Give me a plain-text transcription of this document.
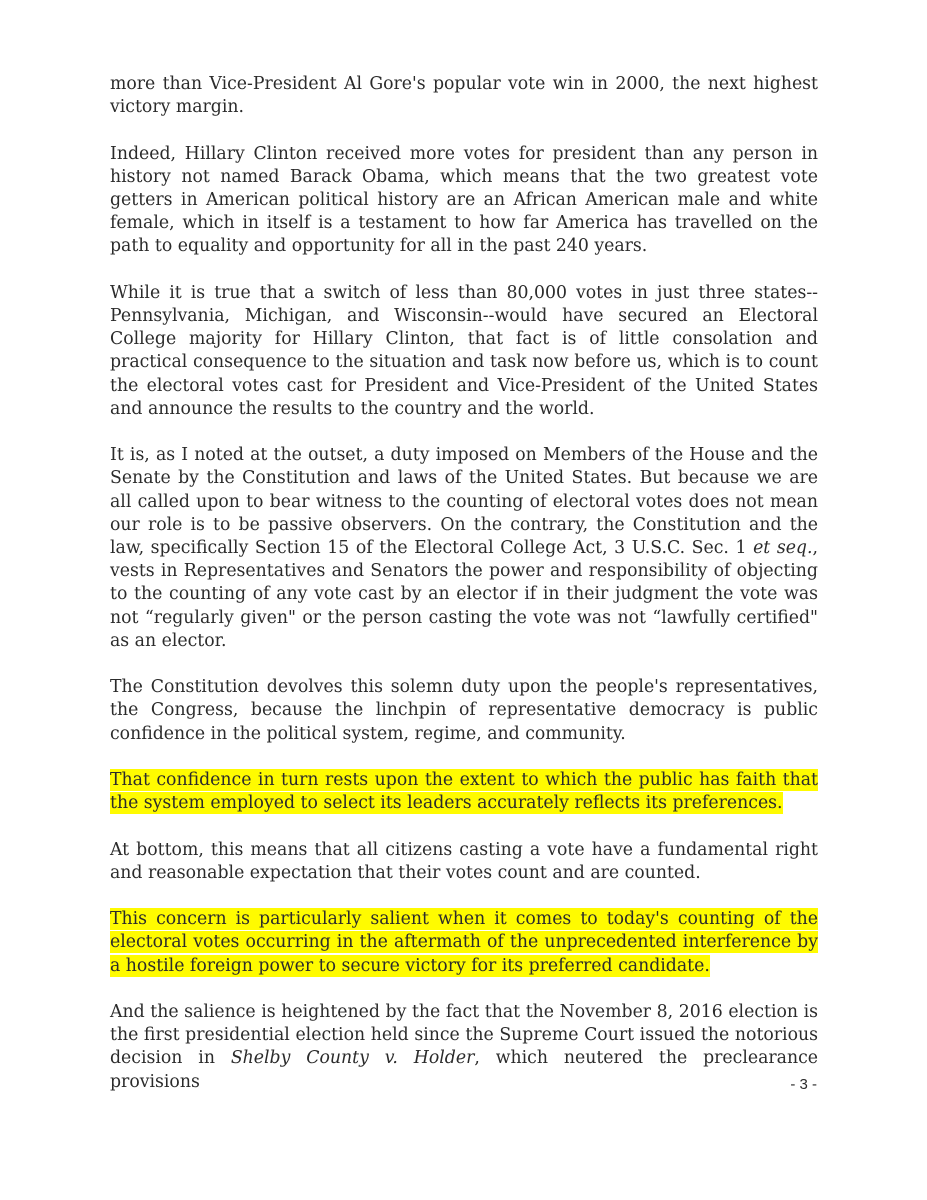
more than Vice-President Al Gore's popular vote win in 2000, the next highest victory margin.

Indeed, Hillary Clinton received more votes for president than any person in history not named Barack Obama, which means that the two greatest vote getters in American political history are an African American male and white female, which in itself is a testament to how far America has travelled on the path to equality and opportunity for all in the past 240 years.

While it is true that a switch of less than 80,000 votes in just three states--Pennsylvania, Michigan, and Wisconsin--would have secured an Electoral College majority for Hillary Clinton, that fact is of little consolation and practical consequence to the situation and task now before us, which is to count the electoral votes cast for President and Vice-President of the United States and announce the results to the country and the world.

It is, as I noted at the outset, a duty imposed on Members of the House and the Senate by the Constitution and laws of the United States. But because we are all called upon to bear witness to the counting of electoral votes does not mean our role is to be passive observers. On the contrary, the Constitution and the law, specifically Section 15 of the Electoral College Act, 3 U.S.C. Sec. 1 et seq., vests in Representatives and Senators the power and responsibility of objecting to the counting of any vote cast by an elector if in their judgment the vote was not “regularly given" or the person casting the vote was not “lawfully certified" as an elector.

The Constitution devolves this solemn duty upon the people's representatives, the Congress, because the linchpin of representative democracy is public confidence in the political system, regime, and community.

That confidence in turn rests upon the extent to which the public has faith that the system employed to select its leaders accurately reflects its preferences.

At bottom, this means that all citizens casting a vote have a fundamental right and reasonable expectation that their votes count and are counted.

This concern is particularly salient when it comes to today's counting of the electoral votes occurring in the aftermath of the unprecedented interference by a hostile foreign power to secure victory for its preferred candidate.

And the salience is heightened by the fact that the November 8, 2016 election is the first presidential election held since the Supreme Court issued the notorious decision in Shelby County v. Holder, which neutered the preclearance provisions	- 3 -
